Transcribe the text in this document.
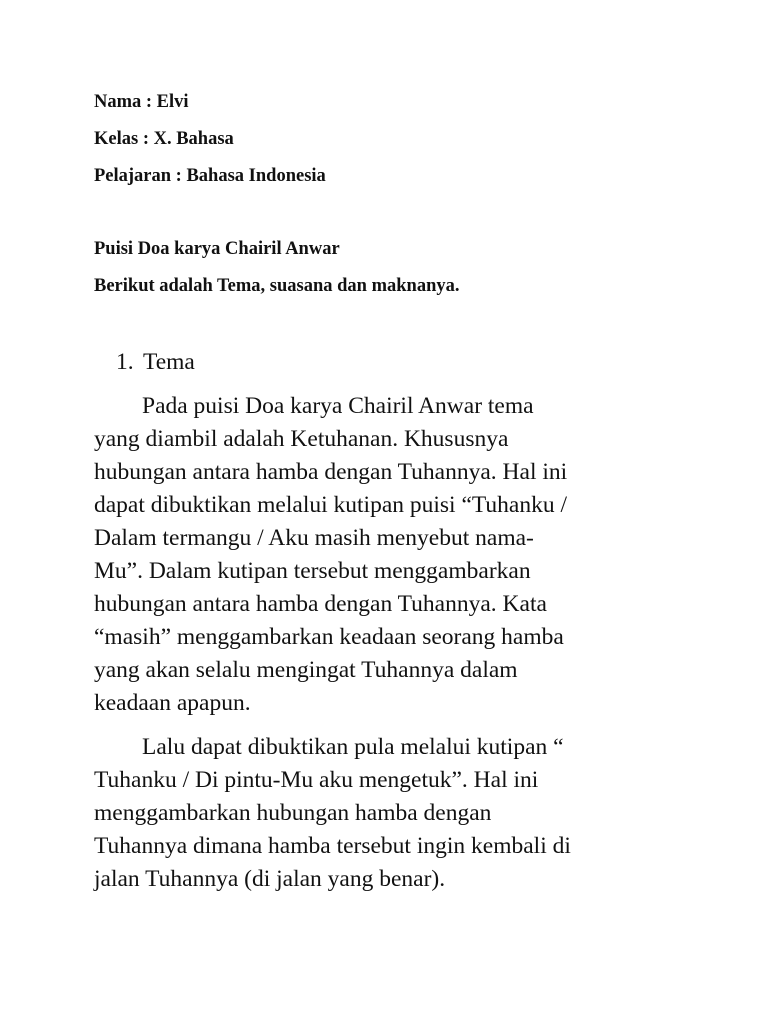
Nama : Elvi
Kelas : X. Bahasa
Pelajaran : Bahasa Indonesia
Puisi Doa karya Chairil Anwar
Berikut adalah Tema, suasana dan maknanya.
1. Tema
Pada puisi Doa karya Chairil Anwar tema
yang diambil adalah Ketuhanan. Khususnya
hubungan antara hamba dengan Tuhannya. Hal ini
dapat dibuktikan melalui kutipan puisi “Tuhanku /
Dalam termangu / Aku masih menyebut nama-
Mu”. Dalam kutipan tersebut menggambarkan
hubungan antara hamba dengan Tuhannya. Kata
“masih” menggambarkan keadaan seorang hamba
yang akan selalu mengingat Tuhannya dalam
keadaan apapun.
Lalu dapat dibuktikan pula melalui kutipan “
Tuhanku / Di pintu-Mu aku mengetuk”. Hal ini
menggambarkan hubungan hamba dengan
Tuhannya dimana hamba tersebut ingin kembali di
jalan Tuhannya (di jalan yang benar).
